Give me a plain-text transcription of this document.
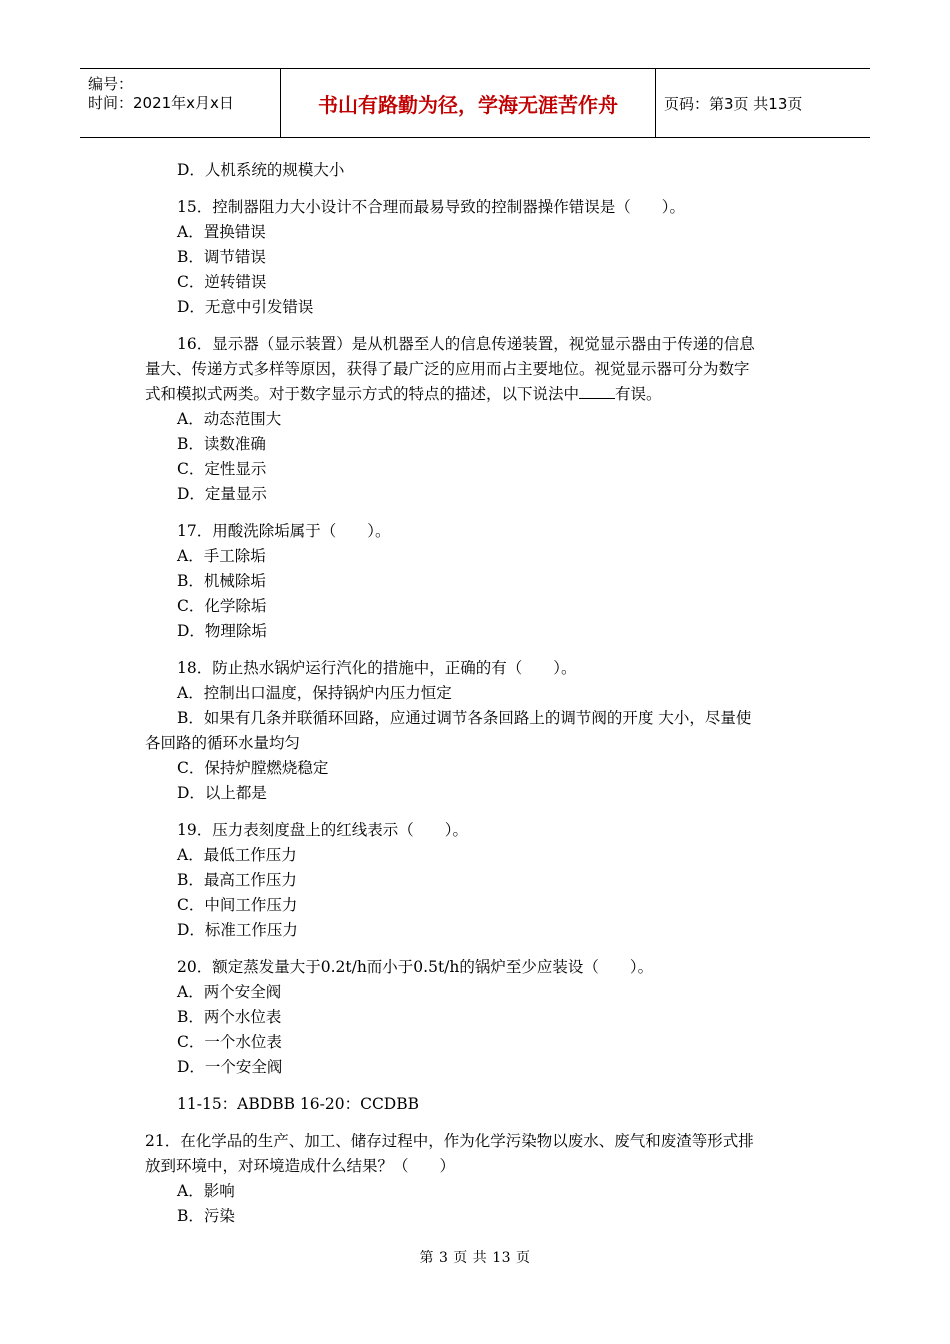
编号：
时间：2021年x月x日	书山有路勤为径，学海无涯苦作舟	页码：第3页 共13页
D．人机系统的规模大小
15．控制器阻力大小设计不合理而最易导致的控制器操作错误是（　　）。
A．置换错误
B．调节错误
C．逆转错误
D．无意中引发错误
16．显示器（显示装置）是从机器至人的信息传递装置，视觉显示器由于传递的信息
量大、传递方式多样等原因，获得了最广泛的应用而占主要地位。视觉显示器可分为数字
式和模拟式两类。对于数字显示方式的特点的描述，以下说法中 有误。
A．动态范围大
B．读数准确
C．定性显示
D．定量显示
17．用酸洗除垢属于（　　）。
A．手工除垢
B．机械除垢
C．化学除垢
D．物理除垢
18．防止热水锅炉运行汽化的措施中，正确的有（　　）。
A．控制出口温度，保持锅炉内压力恒定
B．如果有几条并联循环回路，应通过调节各条回路上的调节阀的开度 大小，尽量使
各回路的循环水量均匀
C．保持炉膛燃烧稳定
D．以上都是
19．压力表刻度盘上的红线表示（　　）。
A．最低工作压力
B．最高工作压力
C．中间工作压力
D．标准工作压力
20．额定蒸发量大于0.2t/h而小于0.5t/h的锅炉至少应装设（　　）。
A．两个安全阀
B．两个水位表
C．一个水位表
D．一个安全阀
11-15：ABDBB 16-20：CCDBB
21．在化学品的生产、加工、储存过程中，作为化学污染物以废水、废气和废渣等形式排
放到环境中，对环境造成什么结果？（　　）
A．影响
B．污染
第 3 页 共 13 页
